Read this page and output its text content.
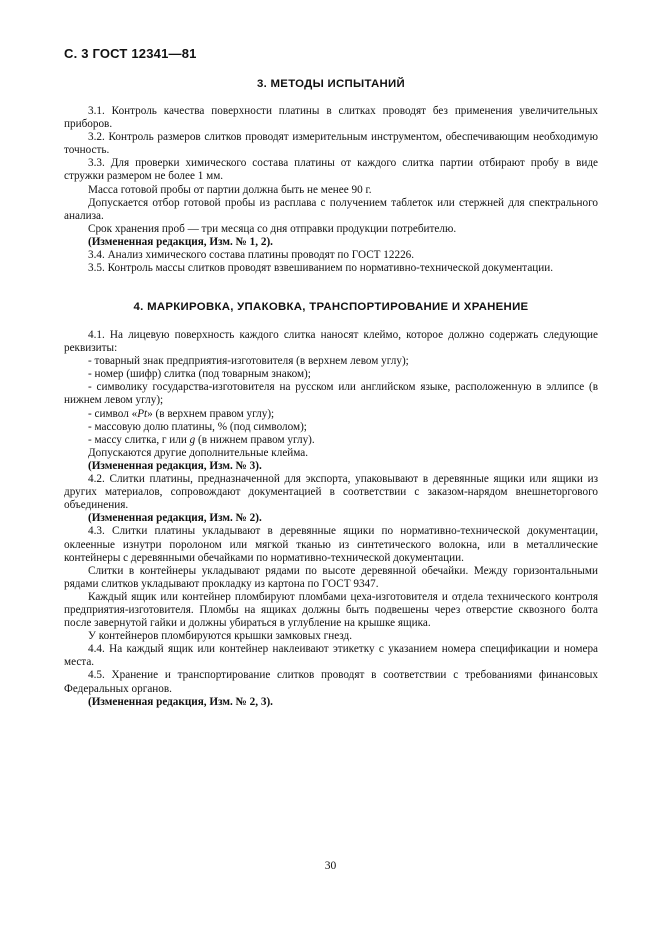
С. 3 ГОСТ 12341—81
3. МЕТОДЫ ИСПЫТАНИЙ
3.1. Контроль качества поверхности платины в слитках проводят без применения увеличительных приборов.
3.2. Контроль размеров слитков проводят измерительным инструментом, обеспечивающим необходимую точность.
3.3. Для проверки химического состава платины от каждого слитка партии отбирают пробу в виде стружки размером не более 1 мм.
Масса готовой пробы от партии должна быть не менее 90 г.
Допускается отбор готовой пробы из расплава с получением таблеток или стержней для спектрального анализа.
Срок хранения проб — три месяца со дня отправки продукции потребителю.
(Измененная редакция, Изм. № 1, 2).
3.4. Анализ химического состава платины проводят по ГОСТ 12226.
3.5. Контроль массы слитков проводят взвешиванием по нормативно-технической документации.
4. МАРКИРОВКА, УПАКОВКА, ТРАНСПОРТИРОВАНИЕ И ХРАНЕНИЕ
4.1. На лицевую поверхность каждого слитка наносят клеймо, которое должно содержать следующие реквизиты:
- товарный знак предприятия-изготовителя (в верхнем левом углу);
- номер (шифр) слитка (под товарным знаком);
- символику государства-изготовителя на русском или английском языке, расположенную в эллипсе (в нижнем левом углу);
- символ «Pt» (в верхнем правом углу);
- массовую долю платины, % (под символом);
- массу слитка, г или g (в нижнем правом углу).
Допускаются другие дополнительные клейма.
(Измененная редакция, Изм. № 3).
4.2. Слитки платины, предназначенной для экспорта, упаковывают в деревянные ящики или ящики из других материалов, сопровождают документацией в соответствии с заказом-нарядом внешнеторгового объединения.
(Измененная редакция, Изм. № 2).
4.3. Слитки платины укладывают в деревянные ящики по нормативно-технической документации, оклеенные изнутри поролоном или мягкой тканью из синтетического волокна, или в металлические контейнеры с деревянными обечайками по нормативно-технической документации.
Слитки в контейнеры укладывают рядами по высоте деревянной обечайки. Между горизонтальными рядами слитков укладывают прокладку из картона по ГОСТ 9347.
Каждый ящик или контейнер пломбируют пломбами цеха-изготовителя и отдела технического контроля предприятия-изготовителя. Пломбы на ящиках должны быть подвешены через отверстие сквозного болта после завернутой гайки и должны убираться в углубление на крышке ящика.
У контейнеров пломбируются крышки замковых гнезд.
4.4. На каждый ящик или контейнер наклеивают этикетку с указанием номера спецификации и номера места.
4.5. Хранение и транспортирование слитков проводят в соответствии с требованиями финансовых Федеральных органов.
(Измененная редакция, Изм. № 2, 3).
30
